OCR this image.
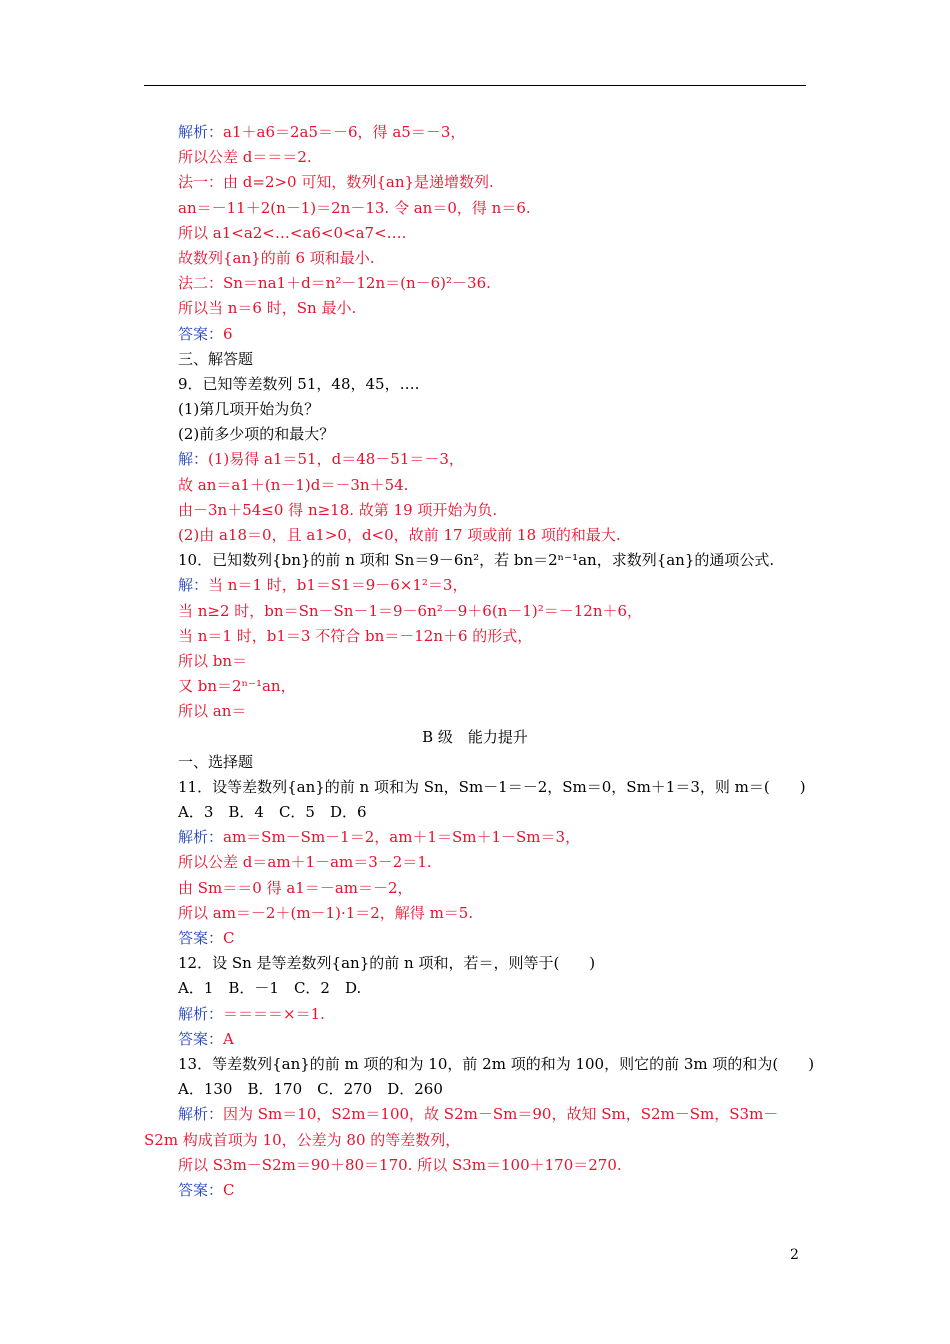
解析：a1＋a6＝2a5＝－6，得 a5＝－3，
所以公差 d＝＝＝2.
法一：由 d=2>0 可知，数列{an}是递增数列.
an＝－11＋2(n－1)＝2n－13. 令 an＝0，得 n＝6.
所以 a1<a2<…<a6<0<a7<….
故数列{an}的前 6 项和最小.
法二：Sn＝na1＋d＝n²－12n＝(n－6)²－36.
所以当 n＝6 时，Sn 最小.
答案：6
三、解答题
9．已知等差数列 51，48，45，….
(1)第几项开始为负？
(2)前多少项的和最大？
解：(1)易得 a1＝51，d＝48－51＝－3，
故 an＝a1＋(n－1)d＝－3n＋54.
由－3n＋54≤0 得 n≥18. 故第 19 项开始为负.
(2)由 a18＝0，且 a1>0，d<0，故前 17 项或前 18 项的和最大.
10．已知数列{bn}的前 n 项和 Sn＝9－6n²，若 bn＝2ⁿ⁻¹an，求数列{an}的通项公式.
解：当 n＝1 时，b1＝S1＝9－6×1²＝3，
当 n≥2 时，bn＝Sn－Sn－1＝9－6n²－9＋6(n－1)²＝－12n＋6，
当 n＝1 时，b1＝3 不符合 bn＝－12n＋6 的形式，
所以 bn＝
又 bn＝2ⁿ⁻¹an，
所以 an＝
B 级　能力提升
一、选择题
11．设等差数列{an}的前 n 项和为 Sn，Sm－1＝－2，Sm＝0，Sm＋1＝3，则 m＝(　　)
A．3　B．4　C．5　D．6
解析：am＝Sm－Sm－1＝2，am＋1＝Sm＋1－Sm＝3，
所以公差 d＝am＋1－am＝3－2＝1.
由 Sm＝＝0 得 a1＝－am＝－2，
所以 am＝－2＋(m－1)·1＝2，解得 m＝5.
答案：C
12．设 Sn 是等差数列{an}的前 n 项和，若＝，则等于(　　)
A．1　B．－1　C．2　D.
解析：＝＝＝＝×＝1.
答案：A
13．等差数列{an}的前 m 项的和为 10，前 2m 项的和为 100，则它的前 3m 项的和为(　　)
A．130　B．170　C．270　D．260
解析：因为 Sm＝10，S2m＝100，故 S2m－Sm＝90，故知 Sm，S2m－Sm，S3m－S2m 构成首项为 10，公差为 80 的等差数列，
所以 S3m－S2m＝90＋80＝170. 所以 S3m＝100＋170＝270.
答案：C
2
